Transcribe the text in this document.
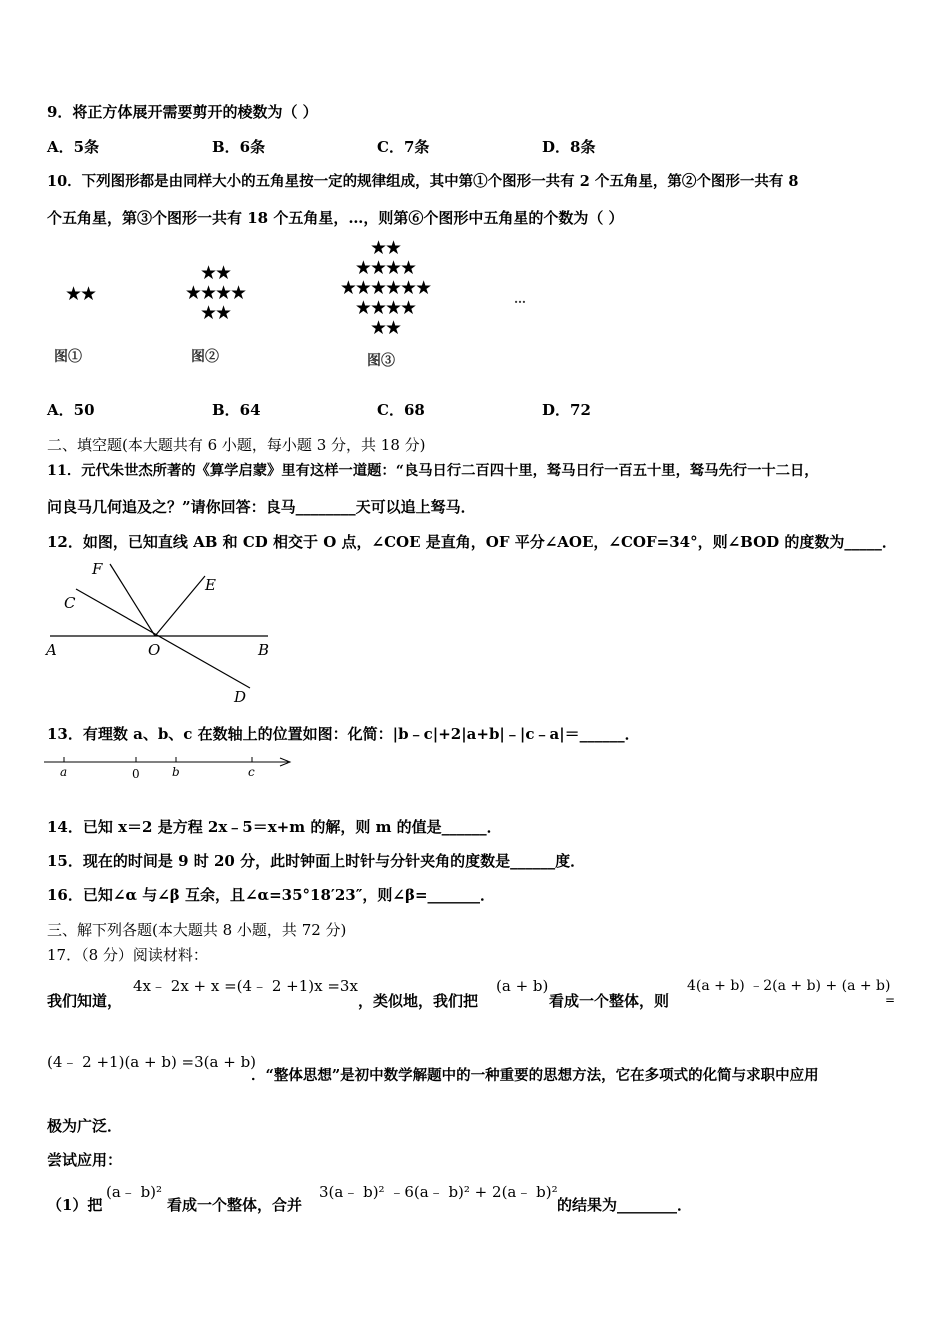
9．将正方体展开需要剪开的棱数为（ ）
A．5条	B．6条	C．7条	D．8条
10．下列图形都是由同样大小的五角星按一定的规律组成，其中第①个图形一共有 2 个五角星，第②个图形一共有 8
个五角星，第③个图形一共有 18 个五角星，…，则第⑥个图形中五角星的个数为（ ）
★★
★★
★★★★
★★
★★
★★★★
★★★★★★
★★★★
★★
图①	图②	图③
…
A．50	B．64	C．68	D．72
二、填空题(本大题共有 6 小题，每小题 3 分，共 18 分)
11．元代朱世杰所著的《算学启蒙》里有这样一道题：“良马日行二百四十里，驽马日行一百五十里，驽马先行一十二日，
问良马几何追及之？”请你回答：良马________天可以追上驽马．
12．如图，已知直线 AB 和 CD 相交于 O 点，∠COE 是直角，OF 平分∠AOE，∠COF=34°，则∠BOD 的度数为_____．
F
C
E
A	O	B
D
13．有理数 a、b、c 在数轴上的位置如图：化简：|b﹣c|+2|a+b|﹣|c﹣a|＝______．
a	0	b	c
14．已知 x＝2 是方程 2x﹣5＝x+m 的解，则 m 的值是______．
15．现在的时间是 9 时 20 分，此时钟面上时针与分针夹角的度数是______度．
16．已知∠α 与∠β 互余，且∠α=35°18′23″，则∠β=_______．
三、解下列各题(本大题共 8 小题，共 72 分)
17．（8 分）阅读材料：
我们知道，
4x﹣ 2x + x =(4﹣ 2 +1)x =3x
，类似地，我们把
(a + b)
看成一个整体，则
4(a + b) ﹣2(a + b) + (a + b)
=
(4﹣ 2 +1)(a + b) =3(a + b)
．“整体思想”是初中数学解题中的一种重要的思想方法，它在多项式的化简与求职中应用
极为广泛．
尝试应用：
（1）把
(a﹣ b)²
看成一个整体，合并
3(a﹣ b)² ﹣6(a﹣ b)² + 2(a﹣ b)²
的结果为________．
